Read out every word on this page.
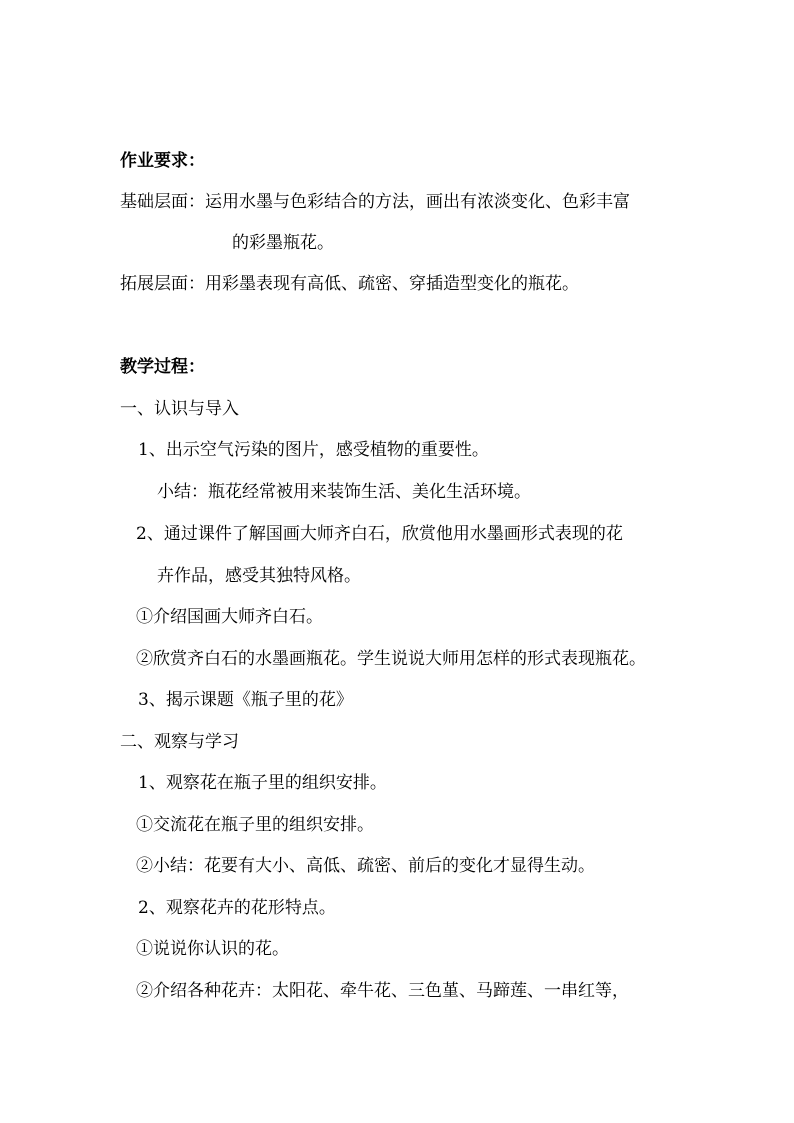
作业要求：
基础层面：运用水墨与色彩结合的方法，画出有浓淡变化、色彩丰富
的彩墨瓶花。
拓展层面：用彩墨表现有高低、疏密、穿插造型变化的瓶花。
教学过程：
一、认识与导入
1、出示空气污染的图片，感受植物的重要性。
小结：瓶花经常被用来装饰生活、美化生活环境。
2、通过课件了解国画大师齐白石，欣赏他用水墨画形式表现的花
卉作品，感受其独特风格。
①介绍国画大师齐白石。
②欣赏齐白石的水墨画瓶花。学生说说大师用怎样的形式表现瓶花。
3、揭示课题《瓶子里的花》
二、观察与学习
1、观察花在瓶子里的组织安排。
①交流花在瓶子里的组织安排。
②小结：花要有大小、高低、疏密、前后的变化才显得生动。
2、观察花卉的花形特点。
①说说你认识的花。
②介绍各种花卉：太阳花、牵牛花、三色堇、马蹄莲、一串红等，
